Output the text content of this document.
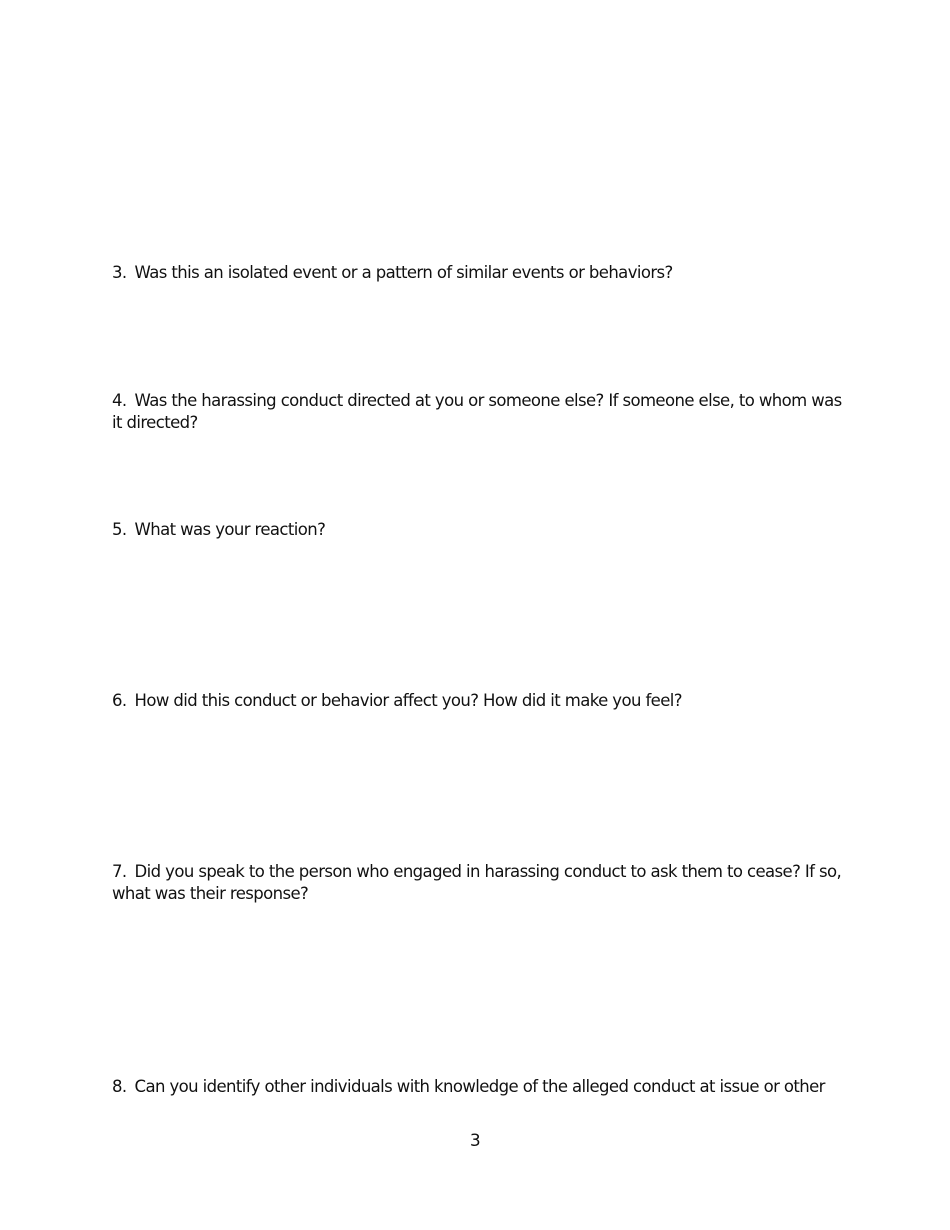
3. Was this an isolated event or a pattern of similar events or behaviors?

4. Was the harassing conduct directed at you or someone else? If someone else, to whom was it directed?

5. What was your reaction?

6. How did this conduct or behavior affect you? How did it make you feel?

7. Did you speak to the person who engaged in harassing conduct to ask them to cease? If so, what was their response?

8. Can you identify other individuals with knowledge of the alleged conduct at issue or other

3
